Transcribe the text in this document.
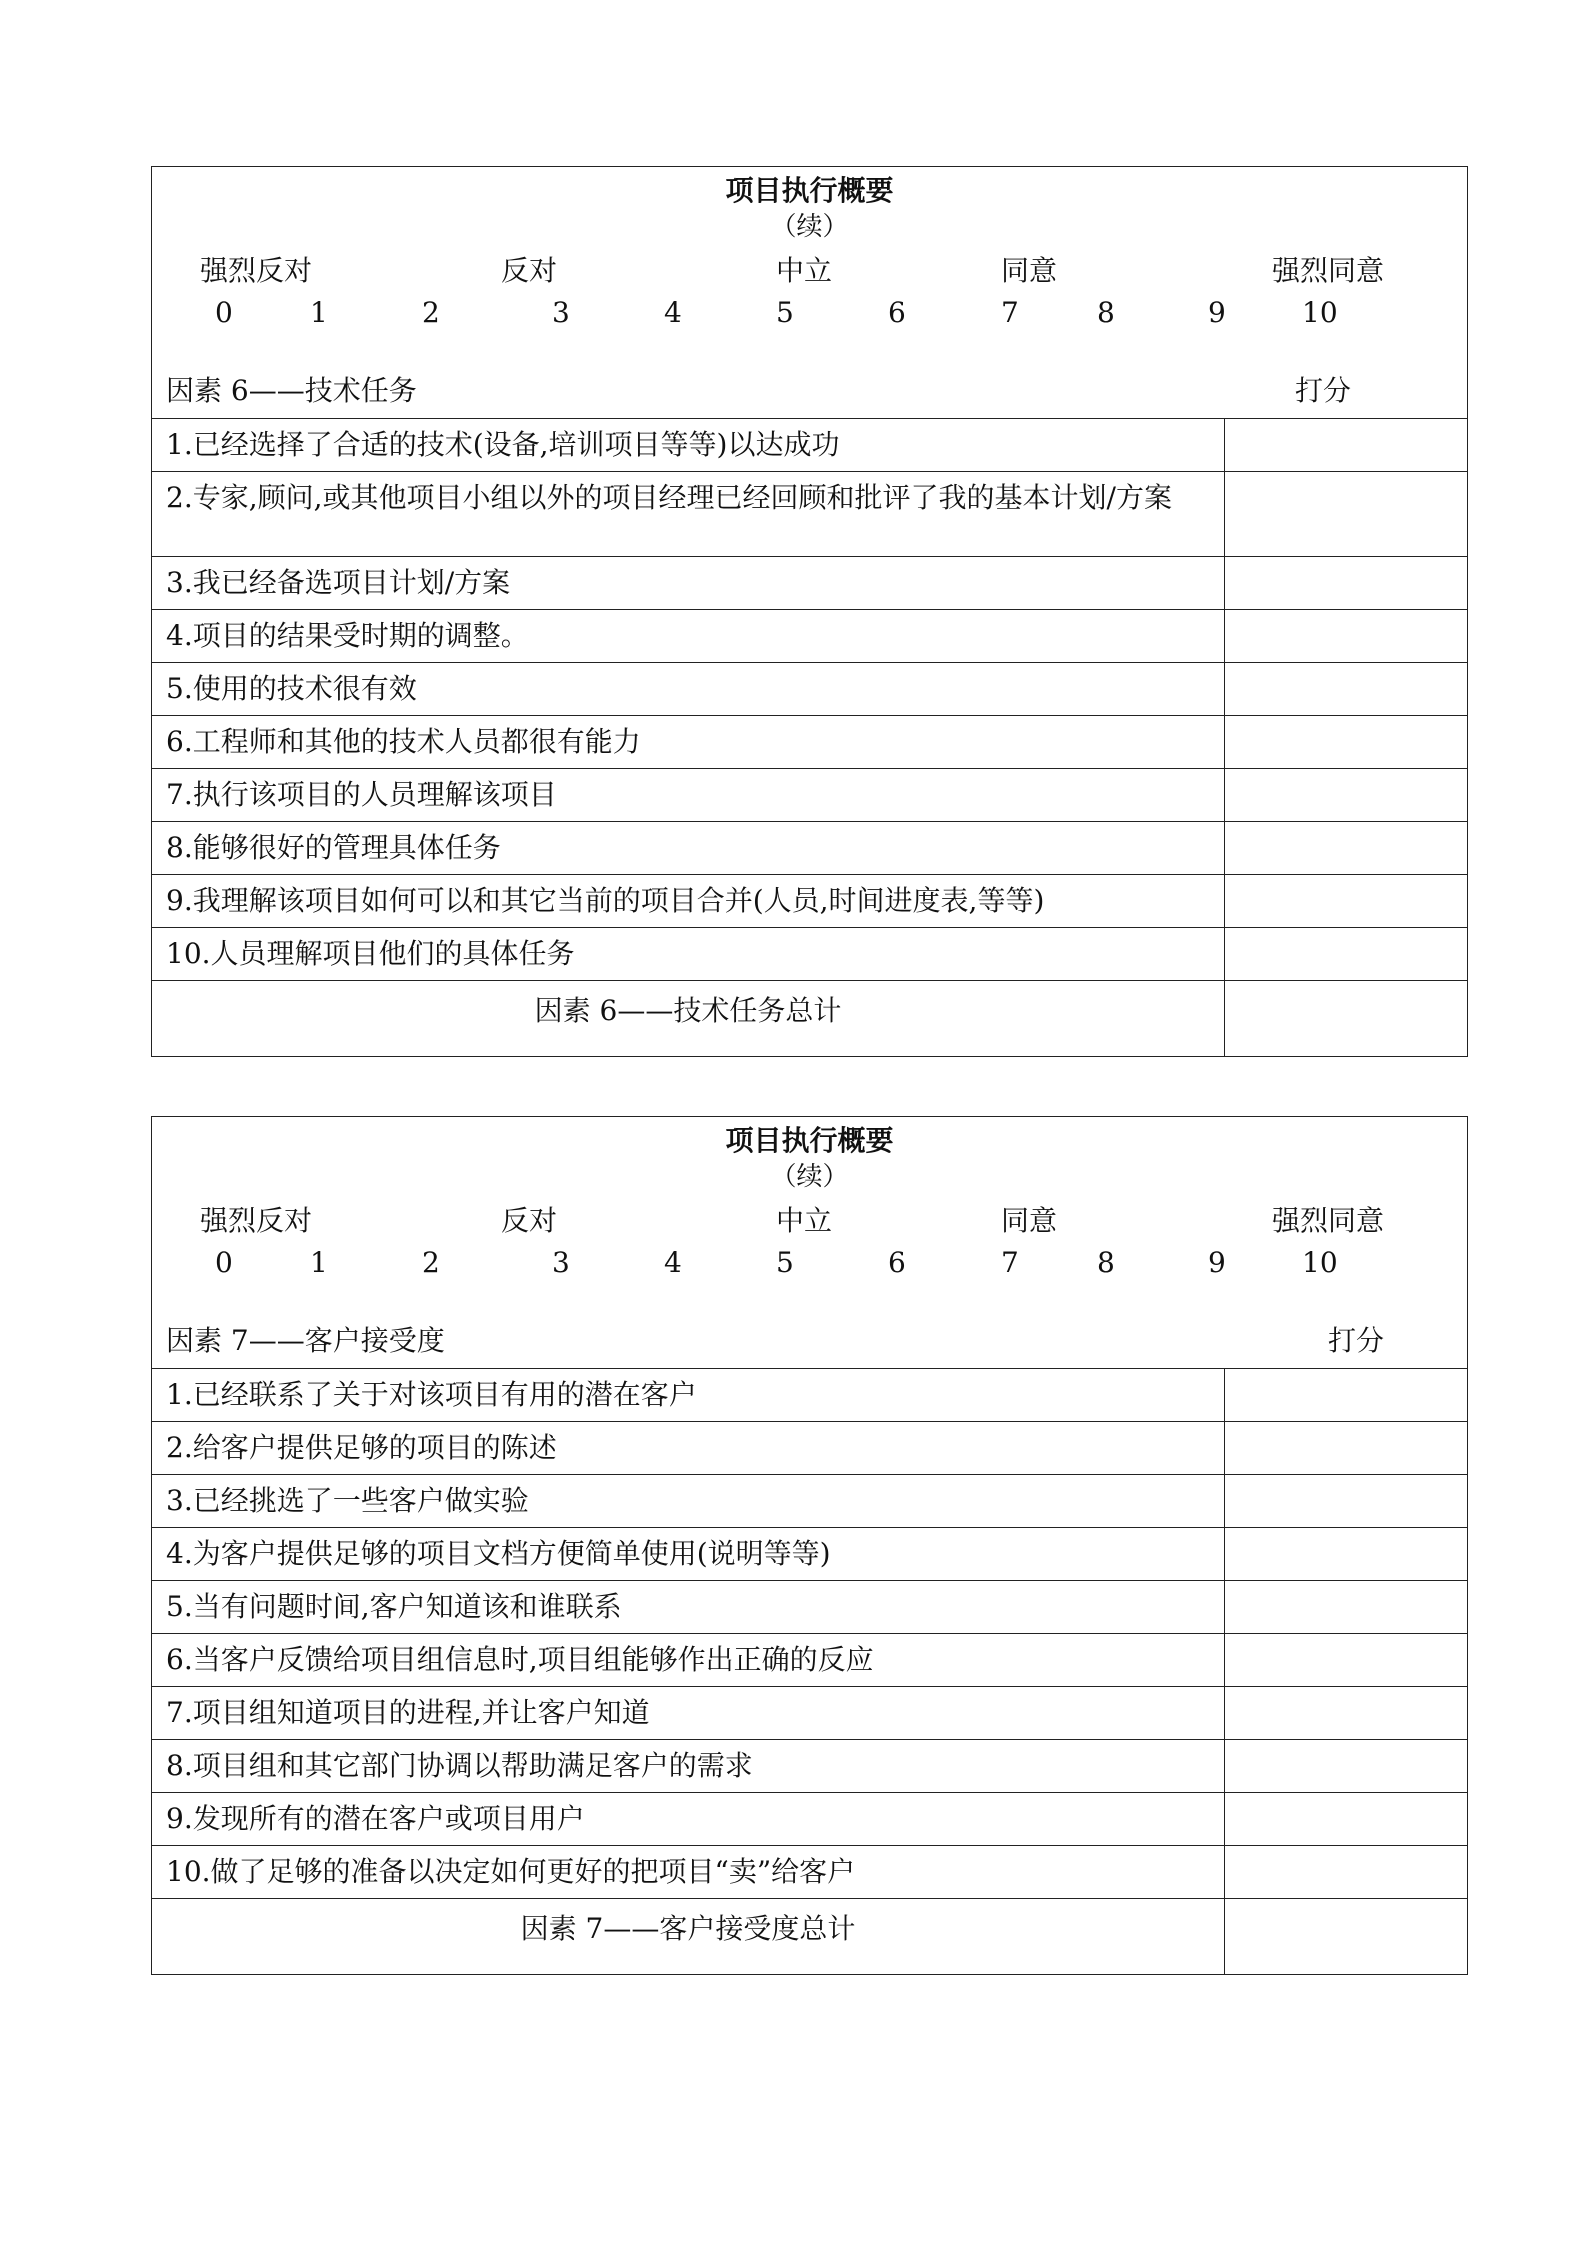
项目执行概要
（续）
强烈反对	反对	中立	同意	强烈同意
0	1	2	3	4	5	6	7	8	9	10
因素 6——技术任务	打分
1.已经选择了合适的技术(设备,培训项目等等)以达成功
2.专家,顾问,或其他项目小组以外的项目经理已经回顾和批评了我的基本计划/方案
3.我已经备选项目计划/方案
4.项目的结果受时期的调整。
5.使用的技术很有效
6.工程师和其他的技术人员都很有能力
7.执行该项目的人员理解该项目
8.能够很好的管理具体任务
9.我理解该项目如何可以和其它当前的项目合并(人员,时间进度表,等等)
10.人员理解项目他们的具体任务
因素 6——技术任务总计
项目执行概要
（续）
强烈反对	反对	中立	同意	强烈同意
0	1	2	3	4	5	6	7	8	9	10
因素 7——客户接受度	打分
1.已经联系了关于对该项目有用的潜在客户
2.给客户提供足够的项目的陈述
3.已经挑选了一些客户做实验
4.为客户提供足够的项目文档方便简单使用(说明等等)
5.当有问题时间,客户知道该和谁联系
6.当客户反馈给项目组信息时,项目组能够作出正确的反应
7.项目组知道项目的进程,并让客户知道
8.项目组和其它部门协调以帮助满足客户的需求
9.发现所有的潜在客户或项目用户
10.做了足够的准备以决定如何更好的把项目“卖”给客户
因素 7——客户接受度总计
